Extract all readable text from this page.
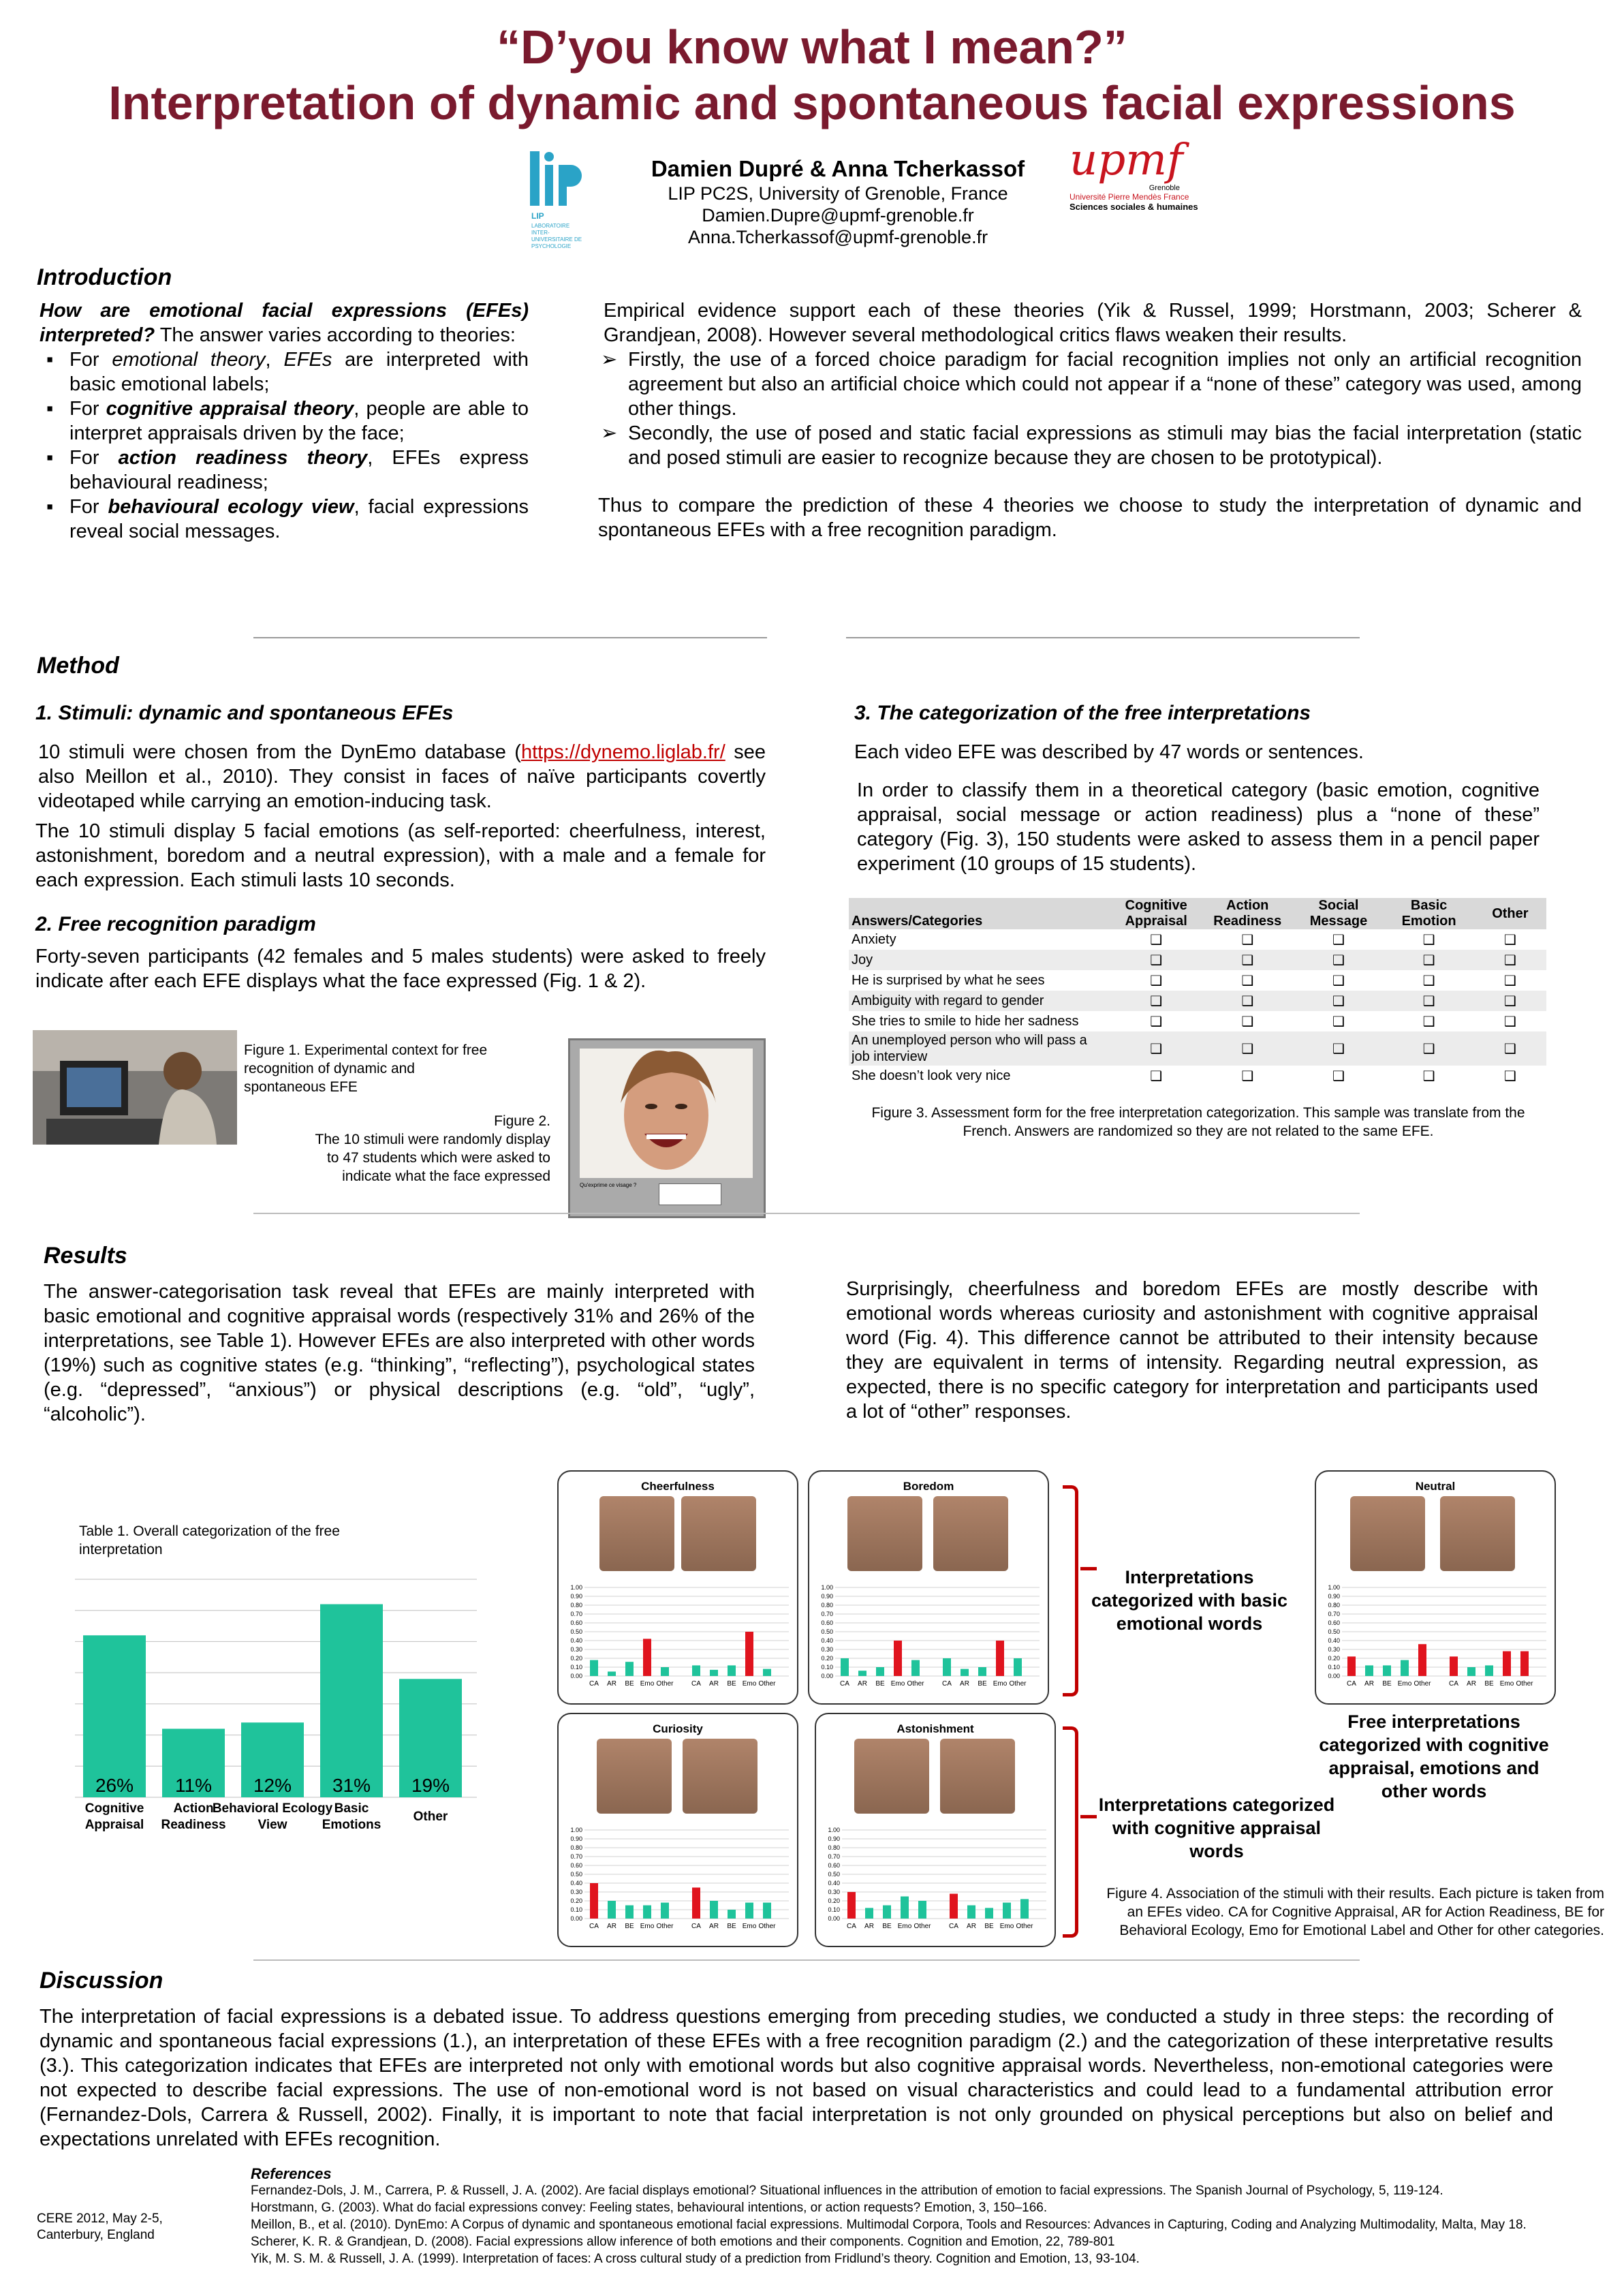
“D’you know what I mean?”
Interpretation of dynamic and spontaneous facial expressions
LIP
LABORATOIRE INTER-UNIVERSITAIRE DE PSYCHOLOGIE
Damien Dupré & Anna Tcherkassof
LIP PC2S, University of Grenoble, France
Damien.Dupre@upmf-grenoble.fr
Anna.Tcherkassof@upmf-grenoble.fr
upmf
Grenoble
Université Pierre Mendès France
Sciences sociales & humaines
Introduction
How are emotional facial expressions (EFEs) interpreted? The answer varies according to theories:
▪ For emotional theory, EFEs are interpreted with basic emotional labels;
▪ For cognitive appraisal theory, people are able to interpret appraisals driven by the face;
▪ For action readiness theory, EFEs express behavioural readiness;
▪ For behavioural ecology view, facial expressions reveal social messages.
Empirical evidence support each of these theories (Yik & Russel, 1999; Horstmann, 2003; Scherer & Grandjean, 2008). However several methodological critics flaws weaken their results.
➢ Firstly, the use of a forced choice paradigm for facial recognition implies not only an artificial recognition agreement but also an artificial choice which could not appear if a “none of these” category was used, among other things.
➢ Secondly, the use of posed and static facial expressions as stimuli may bias the facial interpretation (static and posed stimuli are easier to recognize because they are chosen to be prototypical).
Thus to compare the prediction of these 4 theories we choose to study the interpretation of dynamic and spontaneous EFEs with a free recognition paradigm.
Method
1. Stimuli: dynamic and spontaneous EFEs
10 stimuli were chosen from the DynEmo database (https://dynemo.liglab.fr/ see also Meillon et al., 2010). They consist in faces of naïve participants covertly videotaped while carrying an emotion-inducing task.
The 10 stimuli display 5 facial emotions (as self-reported: cheerfulness, interest, astonishment, boredom and a neutral expression), with a male and a female for each expression. Each stimuli lasts 10 seconds.
2. Free recognition paradigm
Forty-seven participants (42 females and 5 males students) were asked to freely indicate after each EFE displays what the face expressed (Fig. 1 & 2).
Figure 1. Experimental context for free recognition of dynamic and spontaneous EFE
Figure 2.
The 10 stimuli were randomly display to 47 students which were asked to indicate what the face expressed
Qu'exprime ce visage ?
3. The categorization of the free interpretations
Each video EFE was described by 47 words or sentences.
In order to classify them in a theoretical category (basic emotion, cognitive appraisal, social message or action readiness) plus a “none of these” category (Fig. 3), 150 students were asked to assess them in a pencil paper experiment (10 groups of 15 students).
Answers/Categories	Cognitive Appraisal	Action Readiness	Social Message	Basic Emotion	Other
Anxiety	❑	❑	❑	❑	❑
Joy	❑	❑	❑	❑	❑
He is surprised by what he sees	❑	❑	❑	❑	❑
Ambiguity with regard to gender	❑	❑	❑	❑	❑
She tries to smile to hide her sadness	❑	❑	❑	❑	❑
An unemployed person who will pass a job interview	❑	❑	❑	❑	❑
She doesn’t look very nice	❑	❑	❑	❑	❑
Figure 3. Assessment form for the free interpretation categorization. This sample was translate from the French. Answers are randomized so they are not related to the same EFE.
Results
The answer-categorisation task reveal that EFEs are mainly interpreted with basic emotional and cognitive appraisal words (respectively 31% and 26% of the interpretations, see Table 1). However EFEs are also interpreted with other words (19%) such as cognitive states (e.g. “thinking”, “reflecting”), psychological states (e.g. “depressed”, “anxious”) or physical descriptions (e.g. “old”, “ugly”, “alcoholic”).
Surprisingly, cheerfulness and boredom EFEs are mostly describe with emotional words whereas curiosity and astonishment with cognitive appraisal word (Fig. 4). This difference cannot be attributed to their intensity because they are equivalent in terms of intensity. Regarding neutral expression, as expected, there is no specific category for interpretation and participants used a lot of “other” responses.
Table 1. Overall categorization of the free interpretation
26%
Cognitive
Appraisal
11%
Action
Readiness
12%
Behavioral Ecology
View
31%
Basic
Emotions
19%
Other
Cheerfulness
1.00
0.90
0.80
0.70
0.60
0.50
0.40
0.30
0.20
0.10
0.00
CA AR BE Emo Other	CA AR BE Emo Other
Boredom
1.00
0.90
0.80
0.70
0.60
0.50
0.40
0.30
0.20
0.10
0.00
CA AR BE Emo Other	CA AR BE Emo Other
Neutral
1.00
0.90
0.80
0.70
0.60
0.50
0.40
0.30
0.20
0.10
0.00
CA AR BE Emo Other	CA AR BE Emo Other
Curiosity
1.00
0.90
0.80
0.70
0.60
0.50
0.40
0.30
0.20
0.10
0.00
CA AR BE Emo Other	CA AR BE Emo Other
Astonishment
1.00
0.90
0.80
0.70
0.60
0.50
0.40
0.30
0.20
0.10
0.00
CA AR BE Emo Other	CA AR BE Emo Other
Interpretations categorized with basic emotional words
Interpretations categorized with cognitive appraisal words
Free interpretations categorized with cognitive appraisal, emotions and other words
Figure 4. Association of the stimuli with their results. Each picture is taken from an EFEs video. CA for Cognitive Appraisal, AR for Action Readiness, BE for Behavioral Ecology, Emo for Emotional Label and Other for other categories.
Discussion
The interpretation of facial expressions is a debated issue. To address questions emerging from preceding studies, we conducted a study in three steps: the recording of dynamic and spontaneous facial expressions (1.), an interpretation of these EFEs with a free recognition paradigm (2.) and the categorization of these interpretative results (3.). This categorization indicates that EFEs are interpreted not only with emotional words but also cognitive appraisal words. Nevertheless, non-emotional categories were not expected to describe facial expressions. The use of non-emotional word is not based on visual characteristics and could lead to a fundamental attribution error (Fernandez-Dols, Carrera & Russell, 2002). Finally, it is important to note that facial interpretation is not only grounded on physical perceptions but also on belief and expectations unrelated with EFEs recognition.
CERE 2012, May 2-5,
Canterbury, England
References
Fernandez-Dols, J. M., Carrera, P. & Russell, J. A. (2002). Are facial displays emotional? Situational influences in the attribution of emotion to facial expressions. The Spanish Journal of Psychology, 5, 119-124.
Horstmann, G. (2003). What do facial expressions convey: Feeling states, behavioural intentions, or action requests? Emotion, 3, 150–166.
Meillon, B., et al. (2010). DynEmo: A Corpus of dynamic and spontaneous emotional facial expressions. Multimodal Corpora, Tools and Resources: Advances in Capturing, Coding and Analyzing Multimodality, Malta, May 18.
Scherer, K. R. & Grandjean, D. (2008). Facial expressions allow inference of both emotions and their components. Cognition and Emotion, 22, 789-801
Yik, M. S. M. & Russell, J. A. (1999). Interpretation of faces: A cross cultural study of a prediction from Fridlund’s theory. Cognition and Emotion, 13, 93-104.
